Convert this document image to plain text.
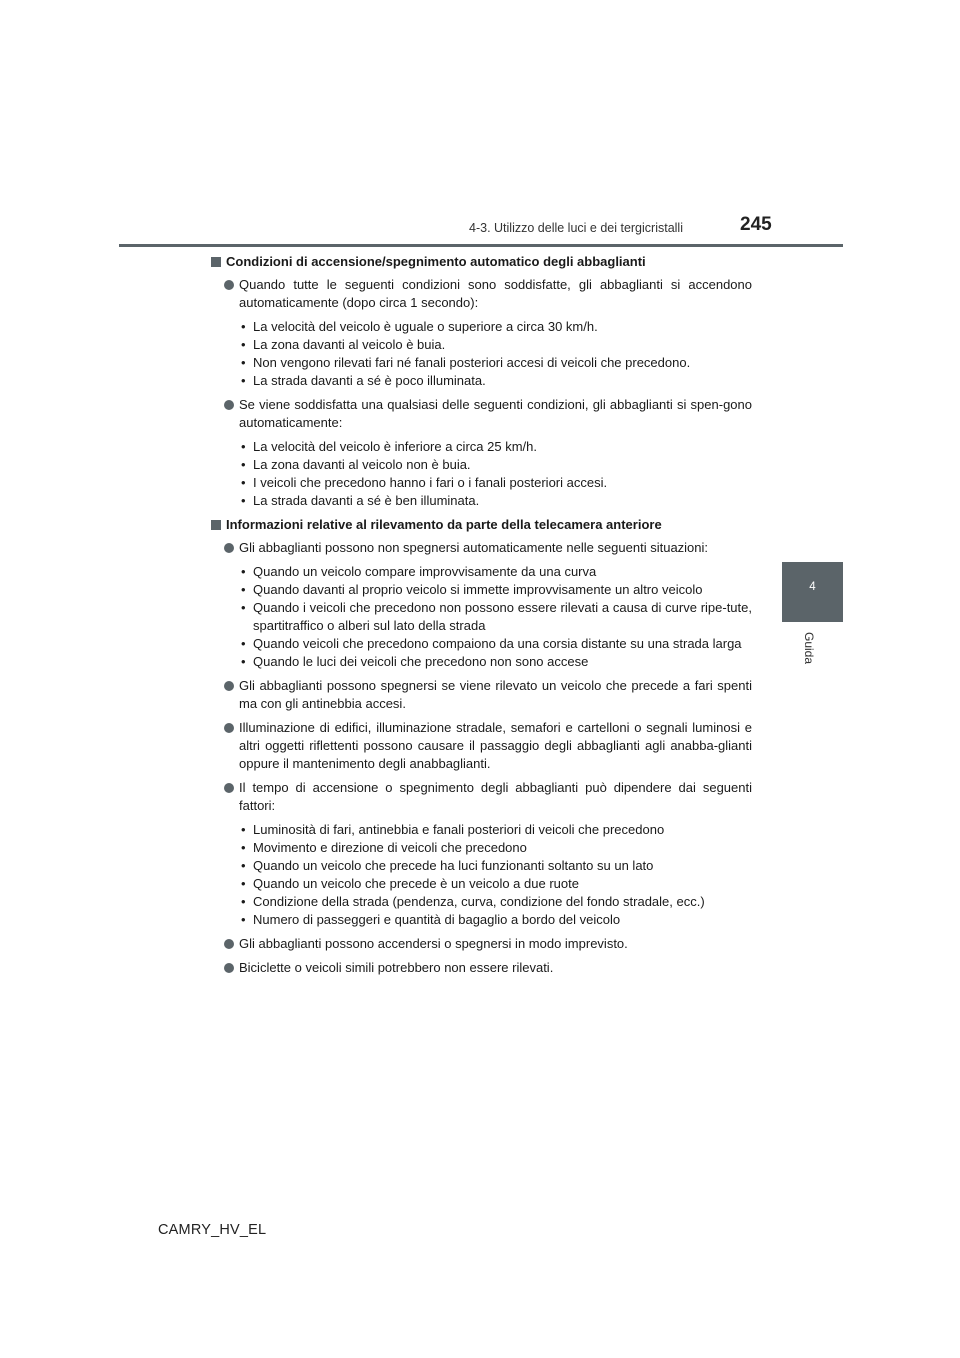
4-3. Utilizzo delle luci e dei tergicristalli	245
4
Guida
Condizioni di accensione/spegnimento automatico degli abbaglianti
Quando tutte le seguenti condizioni sono soddisfatte, gli abbaglianti si accendono automaticamente (dopo circa 1 secondo):
• La velocità del veicolo è uguale o superiore a circa 30 km/h.
• La zona davanti al veicolo è buia.
• Non vengono rilevati fari né fanali posteriori accesi di veicoli che precedono.
• La strada davanti a sé è poco illuminata.
Se viene soddisfatta una qualsiasi delle seguenti condizioni, gli abbaglianti si spen-gono automaticamente:
• La velocità del veicolo è inferiore a circa 25 km/h.
• La zona davanti al veicolo non è buia.
• I veicoli che precedono hanno i fari o i fanali posteriori accesi.
• La strada davanti a sé è ben illuminata.
Informazioni relative al rilevamento da parte della telecamera anteriore
Gli abbaglianti possono non spegnersi automaticamente nelle seguenti situazioni:
• Quando un veicolo compare improvvisamente da una curva
• Quando davanti al proprio veicolo si immette improvvisamente un altro veicolo
• Quando i veicoli che precedono non possono essere rilevati a causa di curve ripe-tute, spartitraffico o alberi sul lato della strada
• Quando veicoli che precedono compaiono da una corsia distante su una strada larga
• Quando le luci dei veicoli che precedono non sono accese
Gli abbaglianti possono spegnersi se viene rilevato un veicolo che precede a fari spenti ma con gli antinebbia accesi.
Illuminazione di edifici, illuminazione stradale, semafori e cartelloni o segnali luminosi e altri oggetti riflettenti possono causare il passaggio degli abbaglianti agli anabba-glianti oppure il mantenimento degli anabbaglianti.
Il tempo di accensione o spegnimento degli abbaglianti può dipendere dai seguenti fattori:
• Luminosità di fari, antinebbia e fanali posteriori di veicoli che precedono
• Movimento e direzione di veicoli che precedono
• Quando un veicolo che precede ha luci funzionanti soltanto su un lato
• Quando un veicolo che precede è un veicolo a due ruote
• Condizione della strada (pendenza, curva, condizione del fondo stradale, ecc.)
• Numero di passeggeri e quantità di bagaglio a bordo del veicolo
Gli abbaglianti possono accendersi o spegnersi in modo imprevisto.
Biciclette o veicoli simili potrebbero non essere rilevati.
CAMRY_HV_EL
